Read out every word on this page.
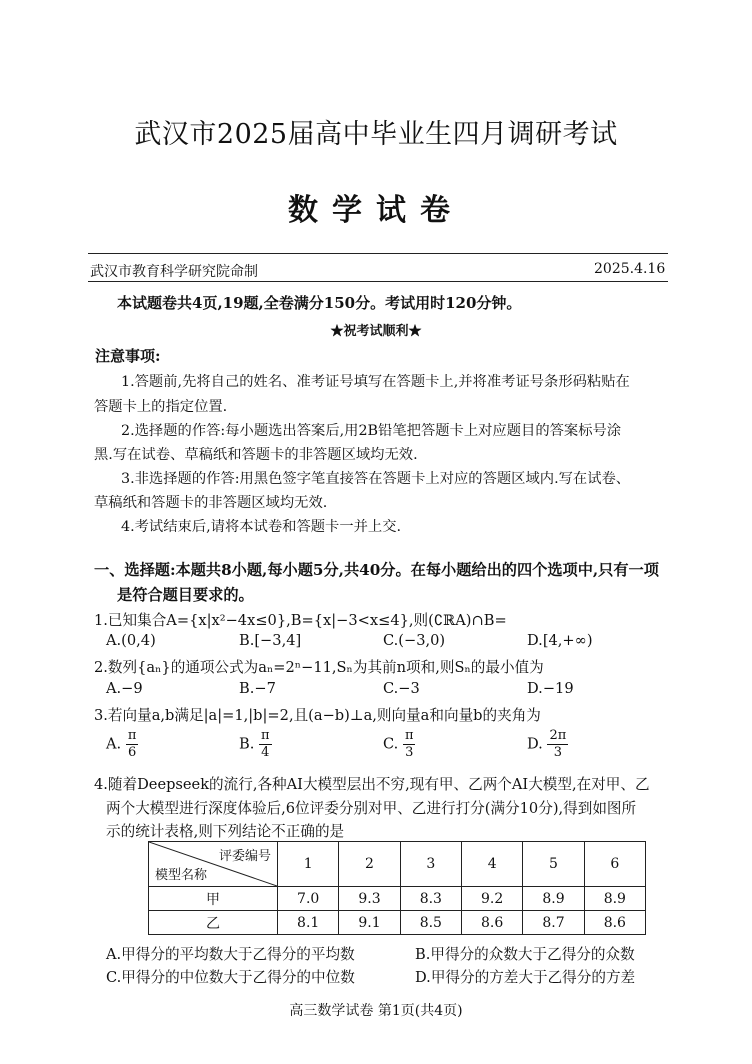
武汉市2025届高中毕业生四月调研考试
数学试卷
武汉市教育科学研究院命制	2025.4.16
本试题卷共4页,19题,全卷满分150分。考试用时120分钟。
★祝考试顺利★
注意事项:
1.答题前,先将自己的姓名、准考证号填写在答题卡上,并将准考证号条形码粘贴在
答题卡上的指定位置.
2.选择题的作答:每小题选出答案后,用2B铅笔把答题卡上对应题目的答案标号涂
黑.写在试卷、草稿纸和答题卡的非答题区域均无效.
3.非选择题的作答:用黑色签字笔直接答在答题卡上对应的答题区域内.写在试卷、
草稿纸和答题卡的非答题区域均无效.
4.考试结束后,请将本试卷和答题卡一并上交.
一、选择题:本题共8小题,每小题5分,共40分。在每小题给出的四个选项中,只有一项
是符合题目要求的。
1.已知集合A={x|x²−4x≤0},B={x|−3<x≤4},则(∁ℝA)∩B=
A.(0,4)	B.[−3,4]	C.(−3,0)	D.[4,+∞)
2.数列{aₙ}的通项公式为aₙ=2ⁿ−11,Sₙ为其前n项和,则Sₙ的最小值为
A.−9	B.−7	C.−3	D.−19
3.若向量a,b满足|a|=1,|b|=2,且(a−b)⊥a,则向量a和向量b的夹角为
A. $\frac{\pi}{6}$	B. $\frac{\pi}{4}$	C. $\frac{\pi}{3}$	D. $\frac{2\pi}{3}$
4.随着Deepseek的流行,各种AI大模型层出不穷,现有甲、乙两个AI大模型,在对甲、乙
两个大模型进行深度体验后,6位评委分别对甲、乙进行打分(满分10分),得到如图所
示的统计表格,则下列结论不正确的是
评委编号
模型名称	1	2	3	4	5	6
甲	7.0	9.3	8.3	9.2	8.9	8.9
乙	8.1	9.1	8.5	8.6	8.7	8.6
A.甲得分的平均数大于乙得分的平均数	B.甲得分的众数大于乙得分的众数
C.甲得分的中位数大于乙得分的中位数	D.甲得分的方差大于乙得分的方差
高三数学试卷 第1页(共4页)
